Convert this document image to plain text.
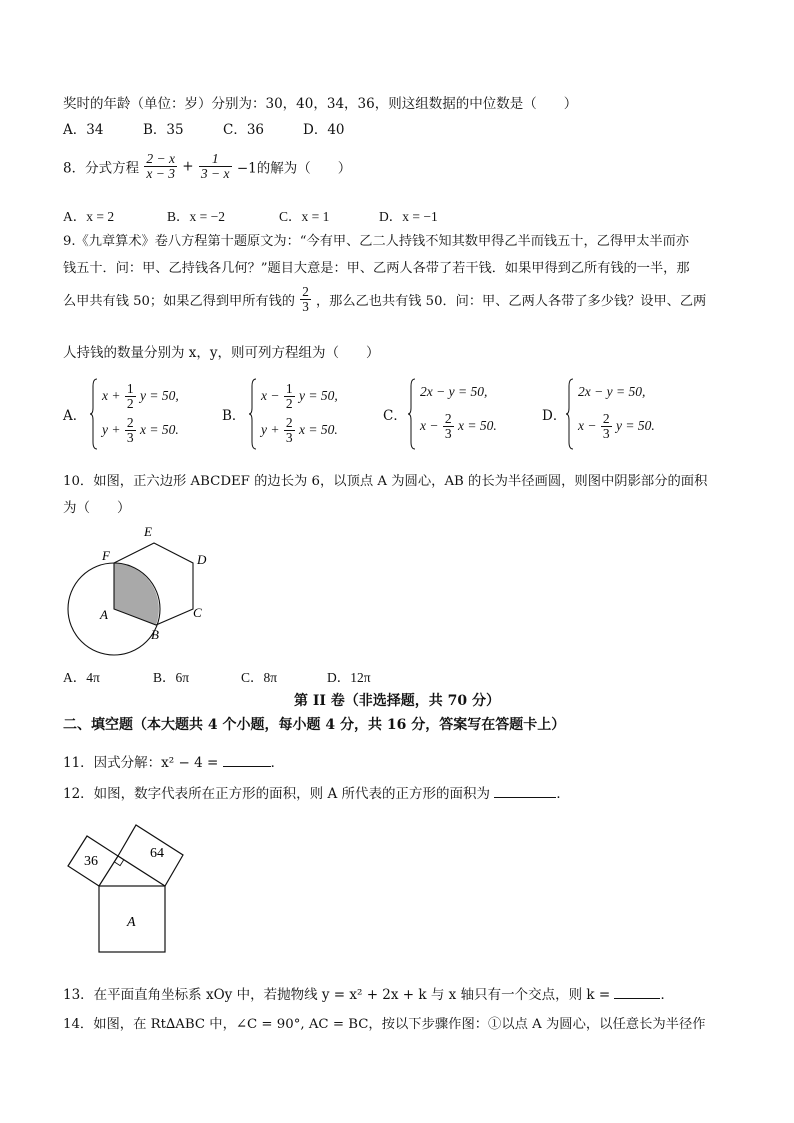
奖时的年龄（单位：岁）分别为：30，40，34，36，则这组数据的中位数是（　　）
A．34	B．35	C．36	D．40
8．分式方程 $\frac{2 - x}{x - 3} + \frac{1}{3 - x} -1$的解为（　　）
A．x = 2	B．x = −2	C．x = 1	D．x = −1
9.《九章算术》卷八方程第十题原文为：“今有甲、乙二人持钱不知其数甲得乙半而钱五十，乙得甲太半而亦
钱五十．问：甲、乙持钱各几何？”题目大意是：甲、乙两人各带了若干钱．如果甲得到乙所有钱的一半，那
么甲共有钱 50；如果乙得到甲所有钱的 $\frac{2}{3}$ ，那么乙也共有钱 50．问：甲、乙两人各带了多少钱？设甲、乙两
人持钱的数量分别为 x，y，则可列方程组为（　　）
A．
$x + \frac{1}{2}$ y = 50,
$y + \frac{2}{3}$ x = 50.
B．
$x - \frac{1}{2}$ y = 50,
$y + \frac{2}{3}$ x = 50.
C．
2x − y = 50,
$x - \frac{2}{3}$ x = 50.
D．
2x − y = 50,
$x - \frac{2}{3}$ y = 50.
10．如图，正六边形 ABCDEF 的边长为 6，以顶点 A 为圆心，AB 的长为半径画圆，则图中阴影部分的面积
为（　　）
E
D
F
A	C
B
A．4π	B．6π	C．8π	D．12π
第 II 卷（非选择题，共 70 分）
二、填空题（本大题共 4 个小题，每小题 4 分，共 16 分，答案写在答题卡上）
11．因式分解：x² − 4 =	．
12．如图，数字代表所在正方形的面积，则 A 所代表的正方形的面积为	．
36
64
A
13．在平面直角坐标系 xOy 中，若抛物线 y = x² + 2x + k 与 x 轴只有一个交点，则 k =	．
14．如图，在 Rt∆ABC 中，∠C = 90°, AC = BC，按以下步骤作图：①以点 A 为圆心，以任意长为半径作
